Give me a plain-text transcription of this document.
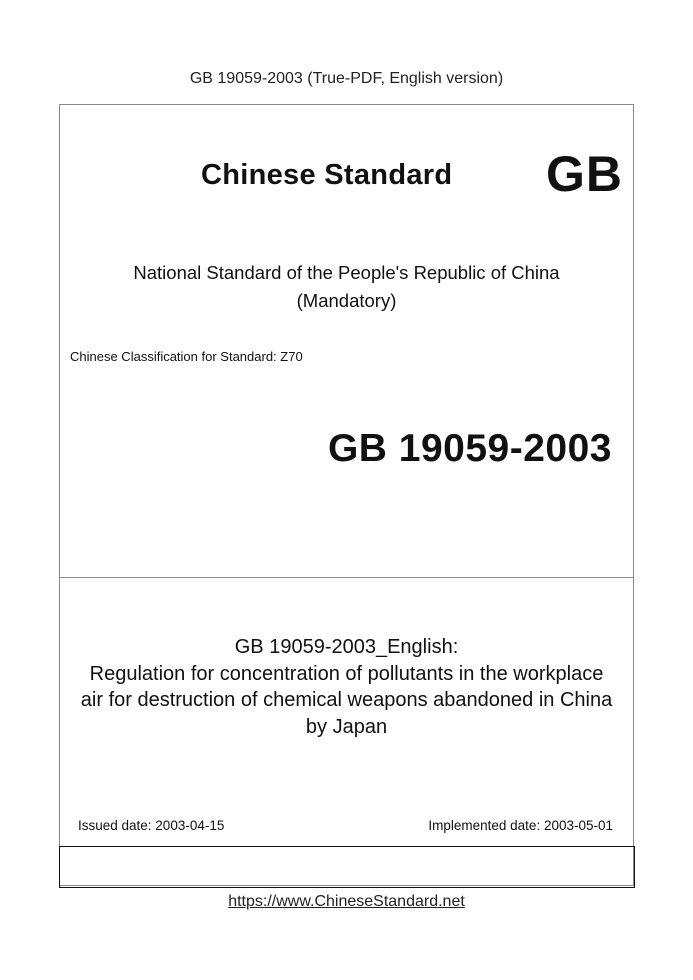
GB 19059-2003 (True-PDF, English version)
Chinese Standard GB
National Standard of the People's Republic of China
(Mandatory)
Chinese Classification for Standard: Z70
GB 19059-2003
GB 19059-2003_English:
Regulation for concentration of pollutants in the workplace
air for destruction of chemical weapons abandoned in China
by Japan
Issued date: 2003-04-15	Implemented date: 2003-05-01
https://www.ChineseStandard.net
